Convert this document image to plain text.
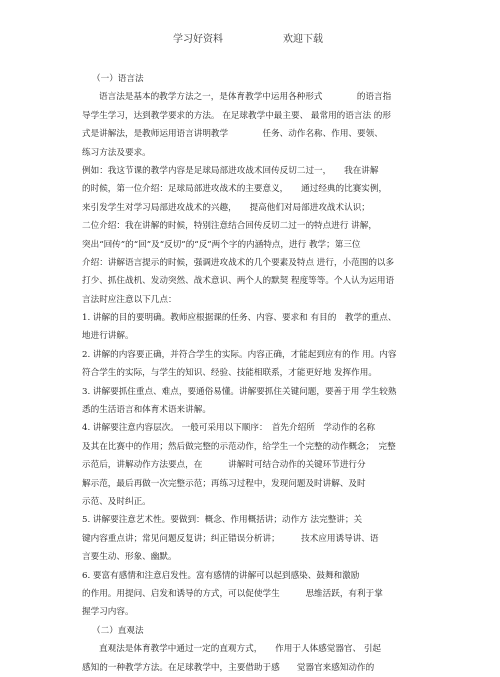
学习好资料	欢迎下载
（一）语言法
语言法是基本的教学方法之一，是体育教学中运用各种形式　　　　的语言指
导学生学习，达到教学要求的方法。 在足球教学中最主要、 最常用的语言法 的形
式是讲解法，是教师运用语言讲明教学　　　　任务、动作名称、作用、要领、
练习方法及要求。
例如：我这节课的教学内容是足球局部进攻战术回传反切二过一，　　我在讲解
的时候，第一位介绍：足球局部进攻战术的主要意义，　　通过经典的比赛实例，
来引发学生对学习局部进攻战术的兴趣，　　提高他们对局部进攻战术认识；
二位介绍：我在讲解的时候，特别注意结合回传反切二过一的特点进行 讲解，
突出“回传”的“回”及“反切”的“反”两个字的内涵特点，进行 教学；第三位
介绍：讲解语言提示的时候，强调进攻战术的几个要素及特点 进行，小范围的以多
打少、抓住战机、发动突然、战术意识、两个人的默契 程度等等。个人认为运用语
言法时应注意以下几点：
1. 讲解的目的要明确。教师应根据课的任务、内容、要求和 有目的　教学的重点、
地进行讲解。
2. 讲解的内容要正确，并符合学生的实际。内容正确，才能起到应有的作 用。内容
符合学生的实际，与学生的知识、经验、技能相联系，才能更好地 发挥作用。
3. 讲解要抓住重点、难点，要通俗易懂。讲解要抓住关键问题，要善于用 学生较熟
悉的生活语言和体育术语来讲解。
4. 讲解要注意内容层次。 一般可采用以下顺序：　首先介绍所　学动作的名称
及其在比赛中的作用；然后做完整的示范动作，给学生一个完整的动作概念；　完整
示范后，讲解动作方法要点，在　　　讲解时可结合动作的关键环节进行分
解示范，最后再做一次完整示范；再练习过程中，发现问题及时讲解、及时
示范、及时纠正。
5. 讲解要注意艺术性。要做到：概念、作用概括讲；动作方 法完整讲；关
键内容重点讲；常见问题反复讲；纠正错误分析讲；　　　技术应用诱导讲、语
言要生动、形象、幽默。
6. 要富有感情和注意启发性。富有感情的讲解可以起到感染、鼓舞和激励
的作用。用提问、启发和诱导的方式，可以促使学生　　　思维活跃，有利于掌
握学习内容。
（二）直观法
直观法是体育教学中通过一定的直观方式，　　作用于人体感觉器官、 引起
感知的一种教学方法。在足球教学中，主要借助于感　　觉器官来感知动作的
